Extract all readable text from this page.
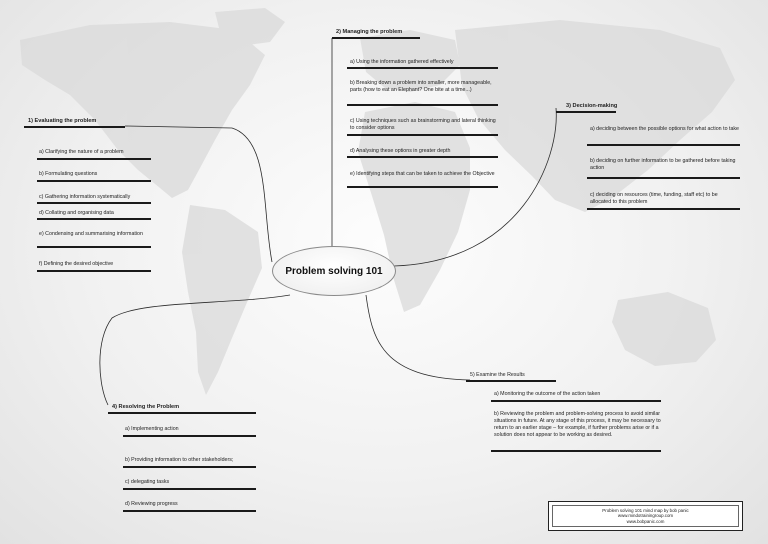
Problem solving 101
1) Evaluating the problem
a) Clarifying the nature of a problem
b) Formulating questions
c) Gathering information systematically
d) Collating and organising data
e) Condensing and summarising information
f) Defining the desired objective
2) Managing the problem
a) Using the information gathered effectively
b) Breaking down a problem into smaller, more manageable, parts (how to eat an Elephant? One bite at a time...)
c) Using techniques such as brainstorming and lateral thinking to consider options
d) Analysing these options in greater depth
e) Identifying steps that can be taken to achieve the Objective
3) Decision-making
a) deciding between the possible options for what action to take
b) deciding on further information to be gathered before taking action
c) deciding on resources (time, funding, staff etc) to be allocated to this problem
4) Resolving the Problem
a) Implementing action
b) Providing information to other stakeholders;
c) delegating tasks
d) Reviewing progress
5) Examine the Results
a) Monitoring the outcome of the action taken
b) Reviewing the problem and problem-solving process to avoid similar situations in future. At any stage of this process, it may be necessary to return to an earlier stage – for example, if further problems arise or if a solution does not appear to be working as desired.
Problem solving 101 mind map by bob panic
www.mindotrainingroup.com
www.bobpanic.com
